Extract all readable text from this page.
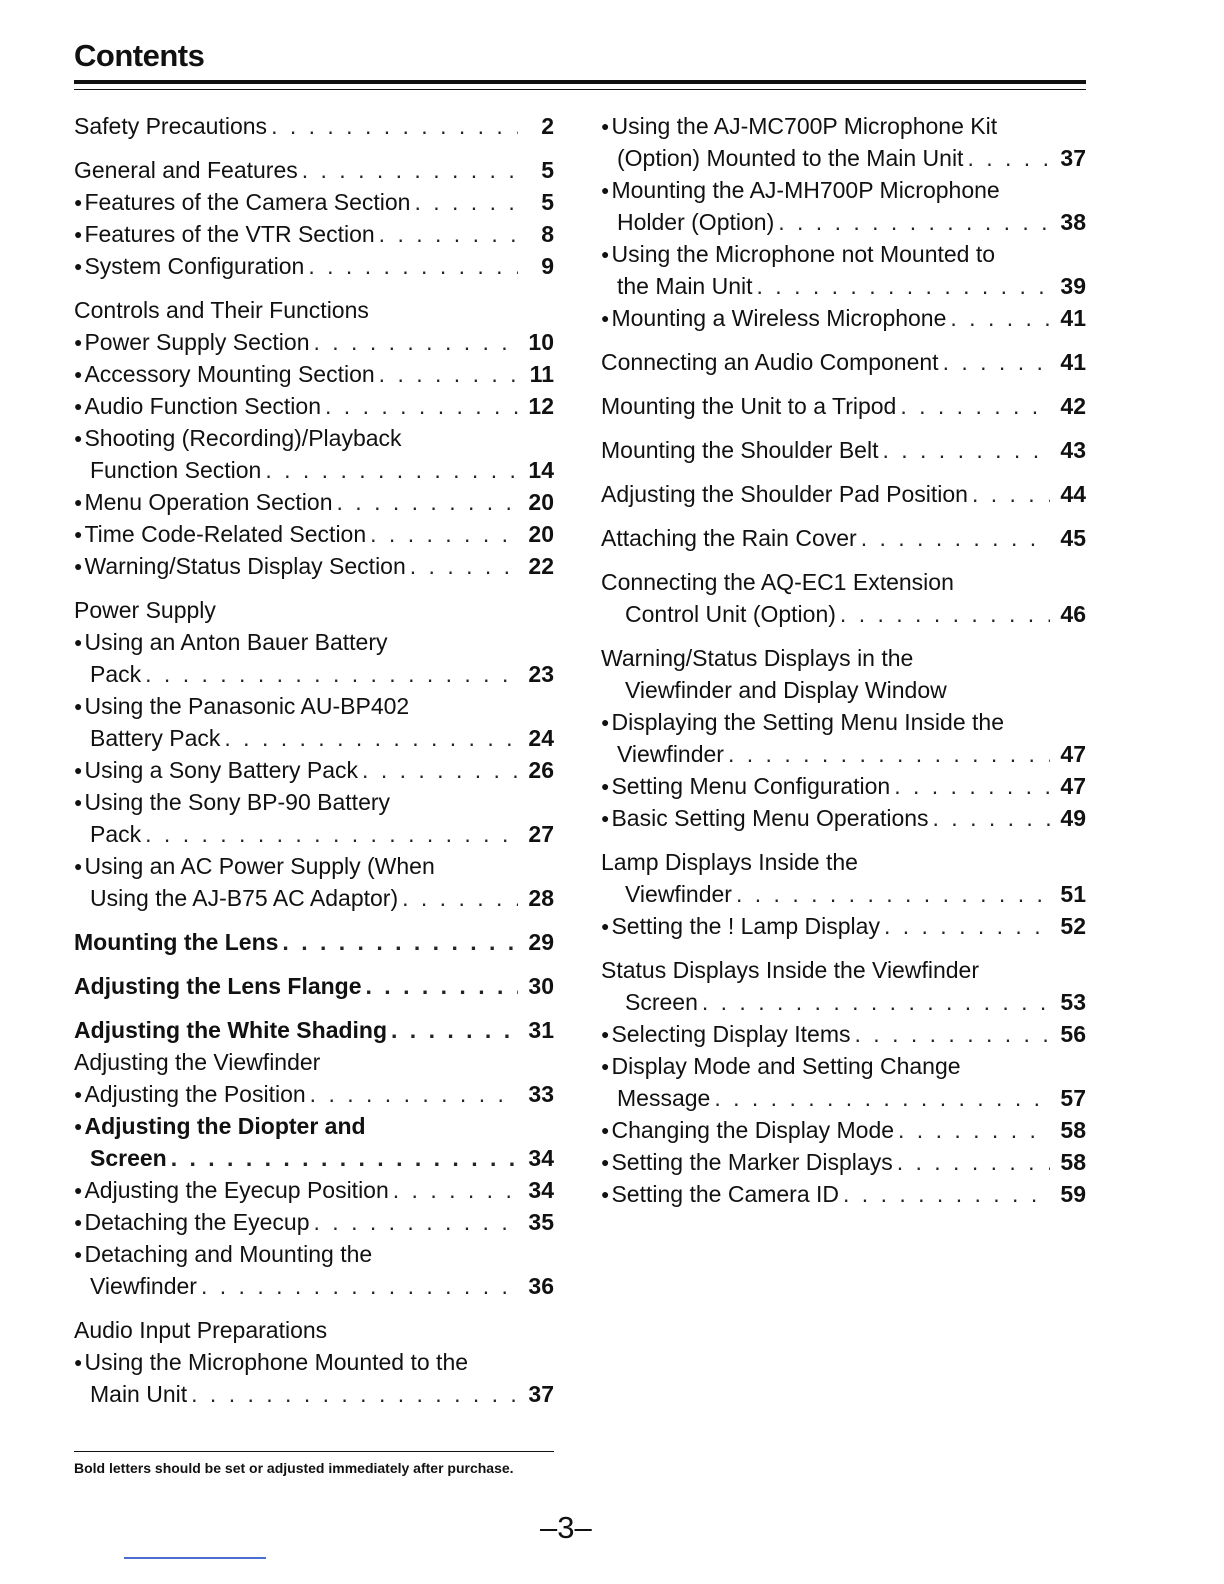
Contents
Safety Precautions . . .	2
General and Features . . .	5
● Features of the Camera Section . . .	5
● Features of the VTR Section . . .	8
● System Configuration . . .	9
Controls and Their Functions
● Power Supply Section . . .	10
● Accessory Mounting Section . . .	11
● Audio Function Section . . .	12
● Shooting (Recording)/Playback
Function Section . . .	14
● Menu Operation Section . . .	20
● Time Code-Related Section . . .	20
● Warning/Status Display Section . . .	22
Power Supply
● Using an Anton Bauer Battery
Pack . . .	23
● Using the Panasonic AU-BP402
Battery Pack . . .	24
● Using a Sony Battery Pack . . .	26
● Using the Sony BP-90 Battery
Pack . . .	27
● Using an AC Power Supply (When
Using the AJ-B75 AC Adaptor) . . .	28
Mounting the Lens . . .	29
Adjusting the Lens Flange . . .	30
Adjusting the White Shading . . .	31
Adjusting the Viewfinder
● Adjusting the Position . . .	33
● Adjusting the Diopter and
Screen . . .	34
● Adjusting the Eyecup Position . . .	34
● Detaching the Eyecup . . .	35
● Detaching and Mounting the
Viewfinder . . .	36
Audio Input Preparations
● Using the Microphone Mounted to the
Main Unit . . .	37
● Using the AJ-MC700P Microphone Kit
(Option) Mounted to the Main Unit . . .	37
● Mounting the AJ-MH700P Microphone
Holder (Option) . . .	38
● Using the Microphone not Mounted to
the Main Unit . . .	39
● Mounting a Wireless Microphone . . .	41
Connecting an Audio Component . . .	41
Mounting the Unit to a Tripod . . .	42
Mounting the Shoulder Belt . . .	43
Adjusting the Shoulder Pad Position . . .	44
Attaching the Rain Cover . . .	45
Connecting the AQ-EC1 Extension
Control Unit (Option) . . .	46
Warning/Status Displays in the
Viewfinder and Display Window
● Displaying the Setting Menu Inside the
Viewfinder . . .	47
● Setting Menu Configuration . . .	47
● Basic Setting Menu Operations . . .	49
Lamp Displays Inside the
Viewfinder . . .	51
● Setting the ! Lamp Display . . .	52
Status Displays Inside the Viewfinder
Screen . . .	53
● Selecting Display Items . . .	56
● Display Mode and Setting Change
Message . . .	57
● Changing the Display Mode . . .	58
● Setting the Marker Displays . . .	58
● Setting the Camera ID . . .	59
Bold letters should be set or adjusted immediately after purchase.
–3–
